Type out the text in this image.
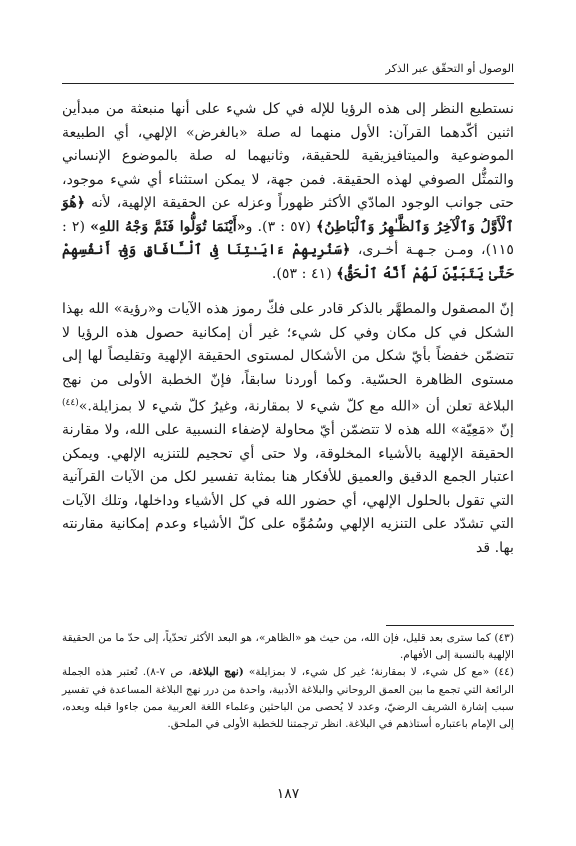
الوصول أو التحقّق عبر الذكر

نستطيع النظر إلى هذه الرؤيا للإله في كل شيء على أنها منبعثة من مبدأين اثنين أكّدهما القرآن: الأول منهما له صلة «بالغرض» الإلهي، أي الطبيعة الموضوعية والميتافيزيقية للحقيقة، وثانيهما له صلة بالموضوع الإنساني والتمثُّل الصوفي لهذه الحقيقة. فمن جهة، لا يمكن استثناء أي شيء موجود، حتى جوانب الوجود المادّي الأكثر ظهوراً وعزله عن الحقيقة الإلهية، لأنه ﴿هُوَ ٱلْأَوَّلُ وَٱلْآخِرُ وَٱلظَّـٰهِرُ وَٱلْبَاطِنُ﴾ (٥٧ : ٣). و«أَيْنَمَا تُوَلُّوا فَثَمَّ وَجْهُ اللهِ» (٢ : ١١٥)، ومـن جـهـة أخـرى، ﴿سَنُرِيهِمْ ءَايَـٰتِنَا فِى ٱلْـَٔافَاقِ وَفِىٓ أَنفُسِهِمْ حَتَّىٰ يَتَبَيَّنَ لَهُمْ أَنَّهُ ٱلْحَقُّ﴾ (٤١ : ٥٣).

إنّ المصقول والمطهَّر بالذكر قادر على فكّ رموز هذه الآيات و«رؤية» الله بهذا الشكل في كل مكان وفي كل شيء؛ غير أن إمكانية حصول هذه الرؤيا لا تتضمّن خفضاً بأيّ شكل من الأشكال لمستوى الحقيقة الإلهية وتقليصاً لها إلى مستوى الظاهرة الحسّية. وكما أوردنا سابقاً، فإنّ الخطبة الأولى من نهج البلاغة تعلن أن «الله مع كلّ شيء لا بمقارنة، وغيرُ كلّ شيء لا بمزايلة.»$^{(٤٤)}$ إنّ «مَعِيّة» الله هذه لا تتضمّن أيّ محاولة لإضفاء النسبية على الله، ولا مقارنة الحقيقة الإلهية بالأشياء المخلوقة، ولا حتى أي تحجيم للتنزيه الإلهي. ويمكن اعتبار الجمع الدقيق والعميق للأفكار هنا بمثابة تفسير لكل من الآيات القرآنية التي تقول بالحلول الإلهي، أي حضور الله في كل الأشياء وداخلها، وتلك الآيات التي تشدّد على التنزيه الإلهي وسُمُوِّه على كلّ الأشياء وعدم إمكانية مقارنته بها. قد

(٤٣) كما سترى بعد قليل، فإن الله، من حيث هو «الظاهر»، هو البعد الأكثر تحدّياً، إلى حدّ ما من الحقيقة الإلهية بالنسبة إلى الأفهام.

(٤٤) «مع كل شيء، لا بمقارنة؛ غير كل شيء، لا بمزايلة» (نهج البلاغة، ص ٧-٨). تُعتبر هذه الجملة الرائعة التي تجمع ما بين العمق الروحاني والبلاغة الأدبية، واحدة من درر نهج البلاغة المساعدة في تفسير سبب إشارة الشريف الرضيّ، وعدد لا يُحصى من الباحثين وعلماء اللغة العربية ممن جاءوا قبله وبعده، إلى الإمام باعتباره أستاذهم في البلاغة. انظر ترجمتنا للخطبة الأولى في الملحق.

١٨٧
